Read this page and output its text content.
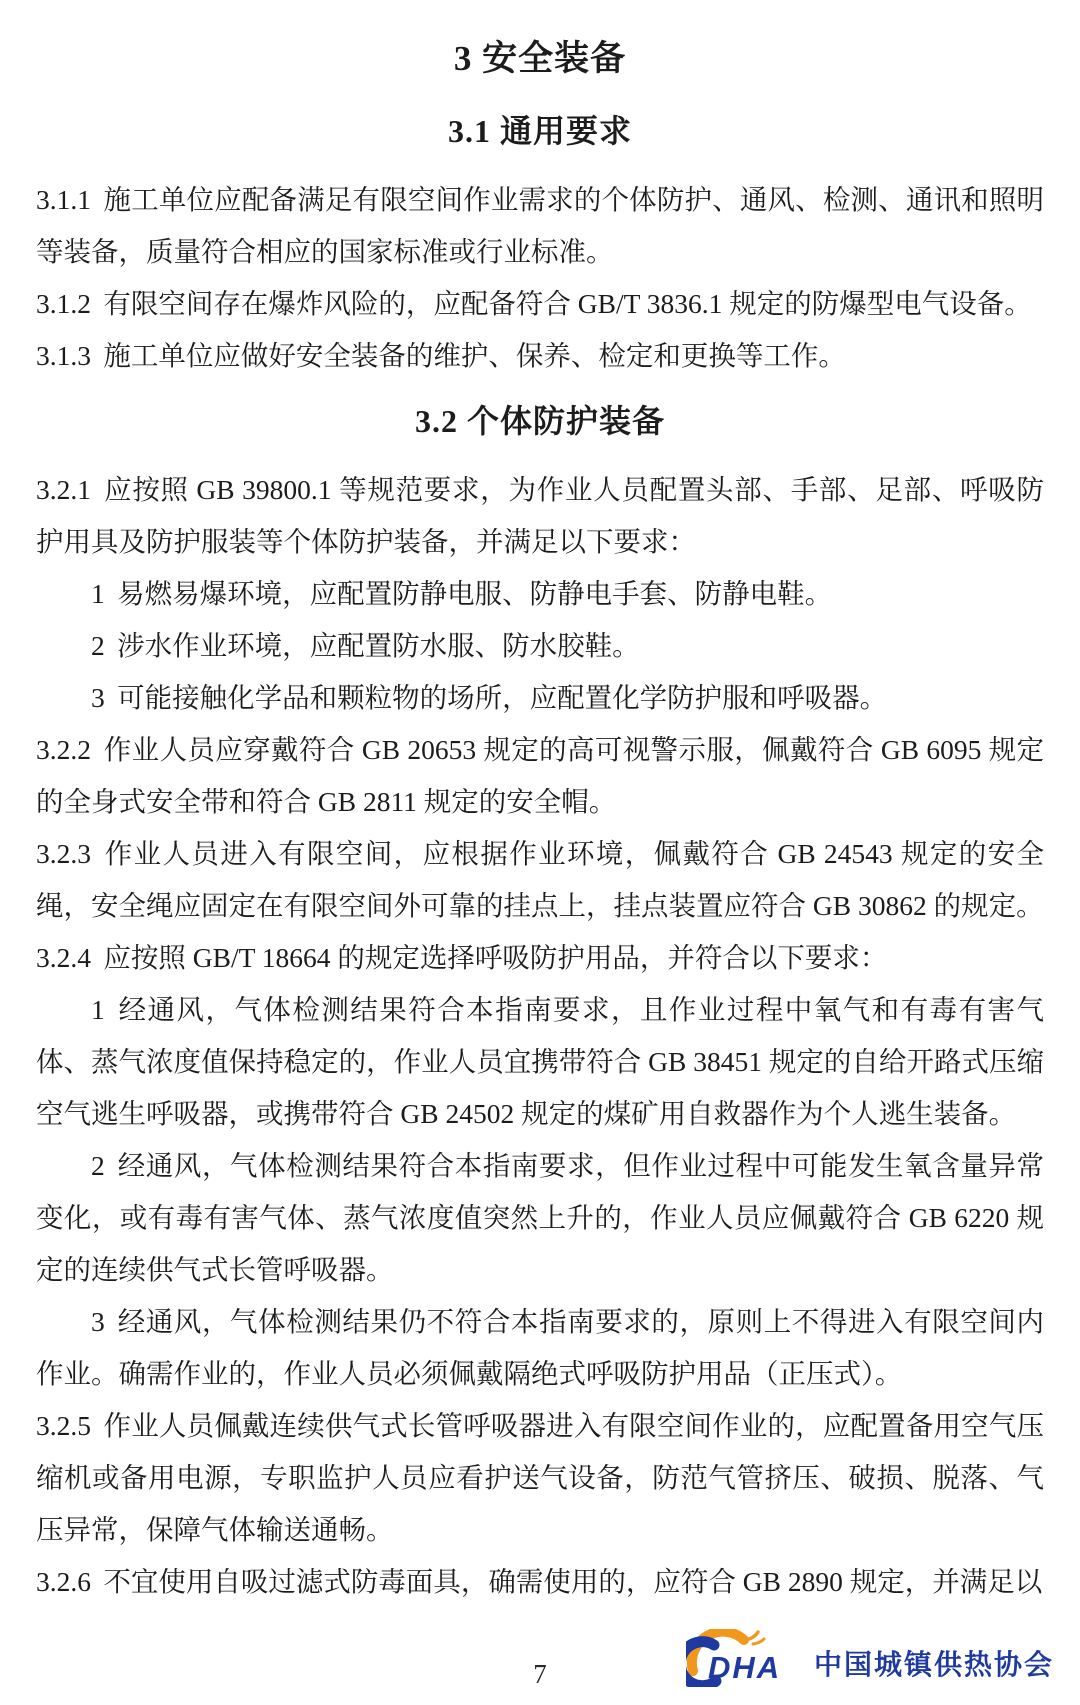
3 安全装备
3.1 通用要求

3.1.1 施工单位应配备满足有限空间作业需求的个体防护、通风、检测、通讯和照明等装备，质量符合相应的国家标准或行业标准。

3.1.2 有限空间存在爆炸风险的，应配备符合 GB/T 3836.1 规定的防爆型电气设备。

3.1.3 施工单位应做好安全装备的维护、保养、检定和更换等工作。

3.2 个体防护装备

3.2.1 应按照 GB 39800.1 等规范要求，为作业人员配置头部、手部、足部、呼吸防护用具及防护服装等个体防护装备，并满足以下要求：

1 易燃易爆环境，应配置防静电服、防静电手套、防静电鞋。

2 涉水作业环境，应配置防水服、防水胶鞋。

3 可能接触化学品和颗粒物的场所，应配置化学防护服和呼吸器。

3.2.2 作业人员应穿戴符合 GB 20653 规定的高可视警示服，佩戴符合 GB 6095 规定的全身式安全带和符合 GB 2811 规定的安全帽。

3.2.3 作业人员进入有限空间，应根据作业环境，佩戴符合 GB 24543 规定的安全绳，安全绳应固定在有限空间外可靠的挂点上，挂点装置应符合 GB 30862 的规定。

3.2.4 应按照 GB/T 18664 的规定选择呼吸防护用品，并符合以下要求：

1 经通风，气体检测结果符合本指南要求，且作业过程中氧气和有毒有害气体、蒸气浓度值保持稳定的，作业人员宜携带符合 GB 38451 规定的自给开路式压缩空气逃生呼吸器，或携带符合 GB 24502 规定的煤矿用自救器作为个人逃生装备。

2 经通风，气体检测结果符合本指南要求，但作业过程中可能发生氧含量异常变化，或有毒有害气体、蒸气浓度值突然上升的，作业人员应佩戴符合 GB 6220 规定的连续供气式长管呼吸器。

3 经通风，气体检测结果仍不符合本指南要求的，原则上不得进入有限空间内作业。确需作业的，作业人员必须佩戴隔绝式呼吸防护用品（正压式）。

3.2.5 作业人员佩戴连续供气式长管呼吸器进入有限空间作业的，应配置备用空气压缩机或备用电源，专职监护人员应看护送气设备，防范气管挤压、破损、脱落、气压异常，保障气体输送通畅。

3.2.6 不宜使用自吸过滤式防毒面具，确需使用的，应符合 GB 2890 规定，并满足以

7	DHA 中国城镇供热协会
